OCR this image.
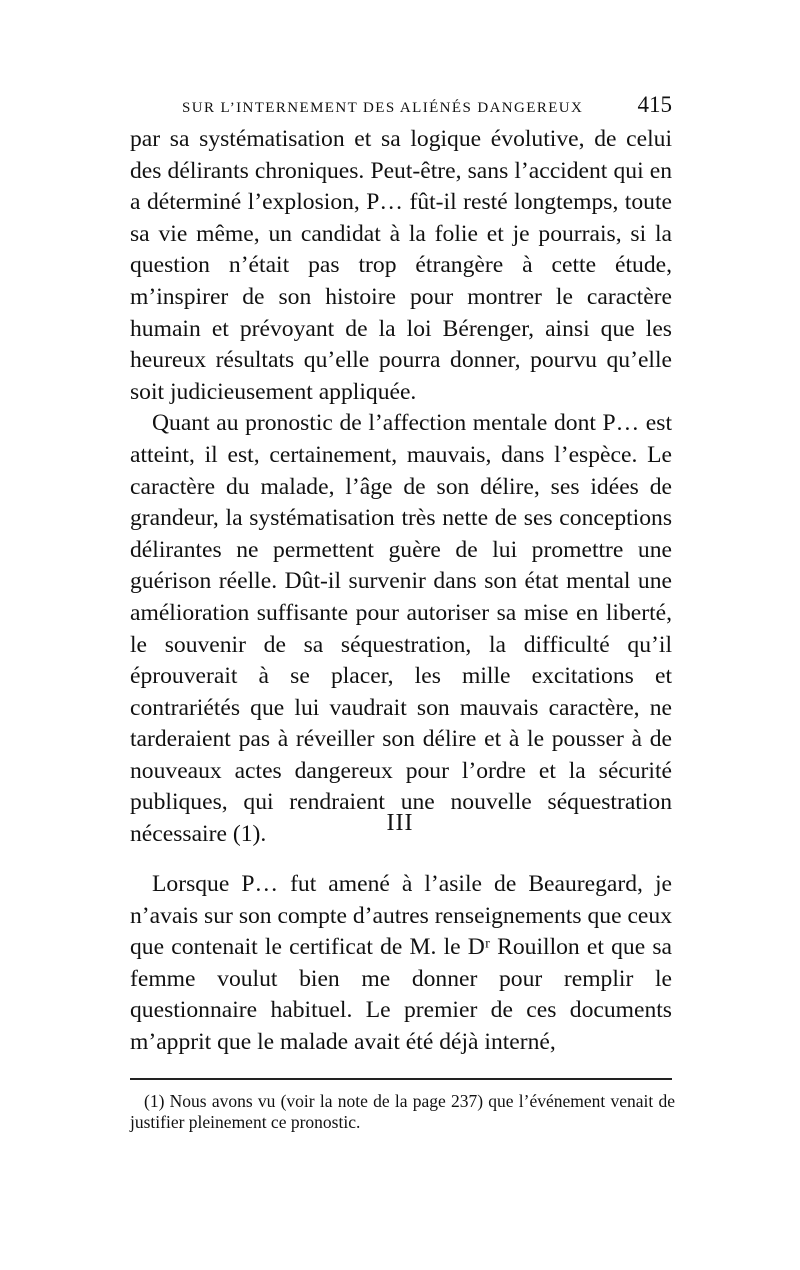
SUR L’INTERNEMENT DES ALIÉNÉS DANGEREUX 415

par sa systématisation et sa logique évolutive, de celui des délirants chroniques. Peut-être, sans l’accident qui en a déterminé l’explosion, P… fût-il resté longtemps, toute sa vie même, un candidat à la folie et je pourrais, si la question n’était pas trop étrangère à cette étude, m’inspirer de son histoire pour montrer le caractère humain et prévoyant de la loi Bérenger, ainsi que les heureux résultats qu’elle pourra donner, pourvu qu’elle soit judicieusement appliquée.

Quant au pronostic de l’affection mentale dont P… est atteint, il est, certainement, mauvais, dans l’espèce. Le caractère du malade, l’âge de son délire, ses idées de grandeur, la systématisation très nette de ses conceptions délirantes ne permettent guère de lui promettre une guérison réelle. Dût-il survenir dans son état mental une amélioration suffisante pour autoriser sa mise en liberté, le souvenir de sa séquestration, la difficulté qu’il éprouverait à se placer, les mille excitations et contrariétés que lui vaudrait son mauvais caractère, ne tarderaient pas à réveiller son délire et à le pousser à de nouveaux actes dangereux pour l’ordre et la sécurité publiques, qui rendraient une nouvelle séquestration nécessaire (1).	III

Lorsque P… fut amené à l’asile de Beauregard, je n’avais sur son compte d’autres renseignements que ceux que contenait le certificat de M. le Dʳ Rouillon et que sa femme voulut bien me donner pour remplir le questionnaire habituel. Le premier de ces documents m’apprit que le malade avait été déjà interné,

(1) Nous avons vu (voir la note de la page 237) que l’événement venait de justifier pleinement ce pronostic.
